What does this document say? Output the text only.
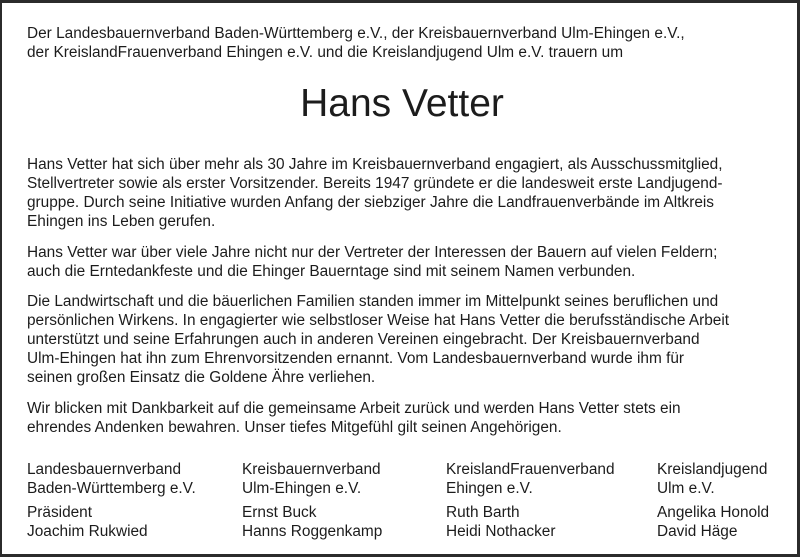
Der Landesbauernverband Baden-Württemberg e.V., der Kreisbauernverband Ulm-Ehingen e.V.,
der KreislandFrauenverband Ehingen e.V. und die Kreislandjugend Ulm e.V. trauern um
Hans Vetter
Hans Vetter hat sich über mehr als 30 Jahre im Kreisbauernverband engagiert, als Ausschussmitglied,
Stellvertreter sowie als erster Vorsitzender. Bereits 1947 gründete er die landesweit erste Landjugend-
gruppe. Durch seine Initiative wurden Anfang der siebziger Jahre die Landfrauenverbände im Altkreis
Ehingen ins Leben gerufen.
Hans Vetter war über viele Jahre nicht nur der Vertreter der Interessen der Bauern auf vielen Feldern;
auch die Erntedankfeste und die Ehinger Bauerntage sind mit seinem Namen verbunden.
Die Landwirtschaft und die bäuerlichen Familien standen immer im Mittelpunkt seines beruflichen und
persönlichen Wirkens. In engagierter wie selbstloser Weise hat Hans Vetter die berufsständische Arbeit
unterstützt und seine Erfahrungen auch in anderen Vereinen eingebracht. Der Kreisbauernverband
Ulm-Ehingen hat ihn zum Ehrenvorsitzenden ernannt. Vom Landesbauernverband wurde ihm für
seinen großen Einsatz die Goldene Ähre verliehen.
Wir blicken mit Dankbarkeit auf die gemeinsame Arbeit zurück und werden Hans Vetter stets ein
ehrendes Andenken bewahren. Unser tiefes Mitgefühl gilt seinen Angehörigen.
Landesbauernverband
Baden-Württemberg e.V.
Präsident
Joachim Rukwied
Kreisbauernverband
Ulm-Ehingen e.V.
Ernst Buck
Hanns Roggenkamp
KreislandFrauenverband
Ehingen e.V.
Ruth Barth
Heidi Nothacker
Kreislandjugend
Ulm e.V.
Angelika Honold
David Häge
